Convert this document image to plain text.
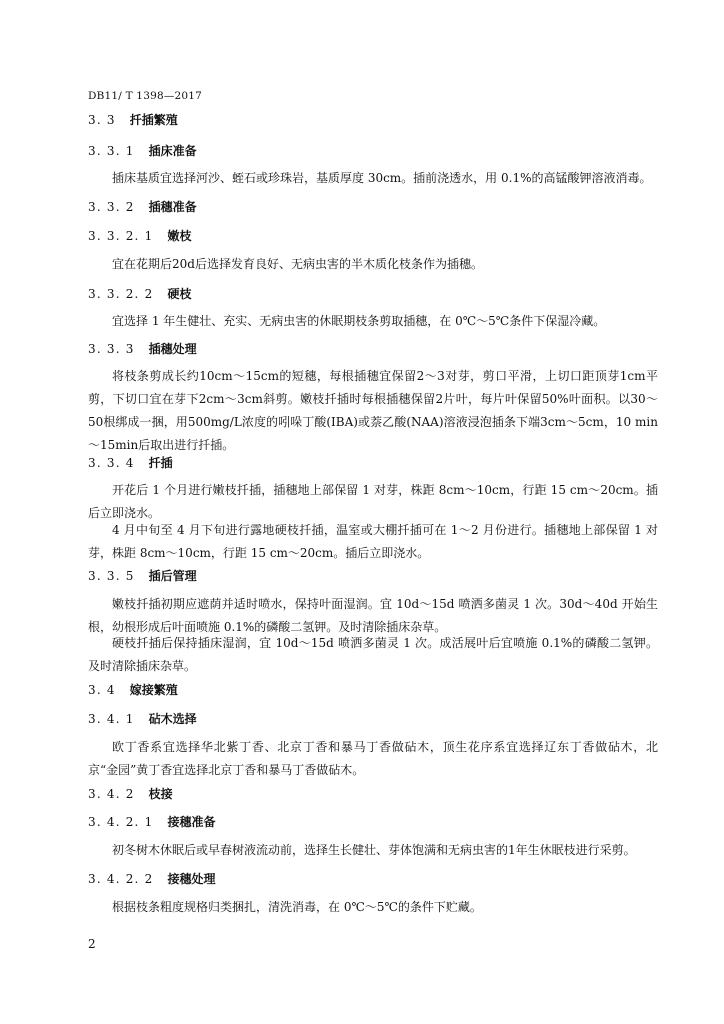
DB11/ T 1398—2017
3. 3 扦插繁殖
3. 3. 1 插床准备

插床基质宜选择河沙、蛭石或珍珠岩，基质厚度 30cm。插前浇透水，用 0.1%的高锰酸钾溶液消毒。

3. 3. 2 插穗准备
3. 3. 2. 1 嫩枝

宜在花期后20d后选择发育良好、无病虫害的半木质化枝条作为插穗。

3. 3. 2. 2 硬枝

宜选择 1 年生健壮、充实、无病虫害的休眠期枝条剪取插穗，在 0℃～5℃条件下保湿冷藏。

3. 3. 3 插穗处理

将枝条剪成长约10cm～15cm的短穗，每根插穗宜保留2～3对芽，剪口平滑，上切口距顶芽1cm平剪，下切口宜在芽下2cm～3cm斜剪。嫩枝扦插时每根插穗保留2片叶，每片叶保留50%叶面积。以30～50根绑成一捆，用500mg/L浓度的吲哚丁酸(IBA)或萘乙酸(NAA)溶液浸泡插条下端3cm～5cm，10 min～15min后取出进行扦插。

3. 3. 4 扦插

开花后 1 个月进行嫩枝扦插，插穗地上部保留 1 对芽，株距 8cm～10cm，行距 15 cm～20cm。插后立即浇水。

4 月中旬至 4 月下旬进行露地硬枝扦插，温室或大棚扦插可在 1～2 月份进行。插穗地上部保留 1 对芽，株距 8cm～10cm，行距 15 cm～20cm。插后立即浇水。

3. 3. 5 插后管理

嫩枝扦插初期应遮荫并适时喷水，保持叶面湿润。宜 10d～15d 喷洒多菌灵 1 次。30d～40d 开始生根，幼根形成后叶面喷施 0.1%的磷酸二氢钾。及时清除插床杂草。

硬枝扦插后保持插床湿润，宜 10d～15d 喷洒多菌灵 1 次。成活展叶后宜喷施 0.1%的磷酸二氢钾。及时清除插床杂草。

3. 4 嫁接繁殖
3. 4. 1 砧木选择

欧丁香系宜选择华北紫丁香、北京丁香和暴马丁香做砧木，顶生花序系宜选择辽东丁香做砧木，北京“金园”黄丁香宜选择北京丁香和暴马丁香做砧木。

3. 4. 2 枝接
3. 4. 2. 1 接穗准备

初冬树木休眠后或早春树液流动前，选择生长健壮、芽体饱满和无病虫害的1年生休眠枝进行采剪。

3. 4. 2. 2 接穗处理

根据枝条粗度规格归类捆扎，清洗消毒，在 0℃～5℃的条件下贮藏。

2
